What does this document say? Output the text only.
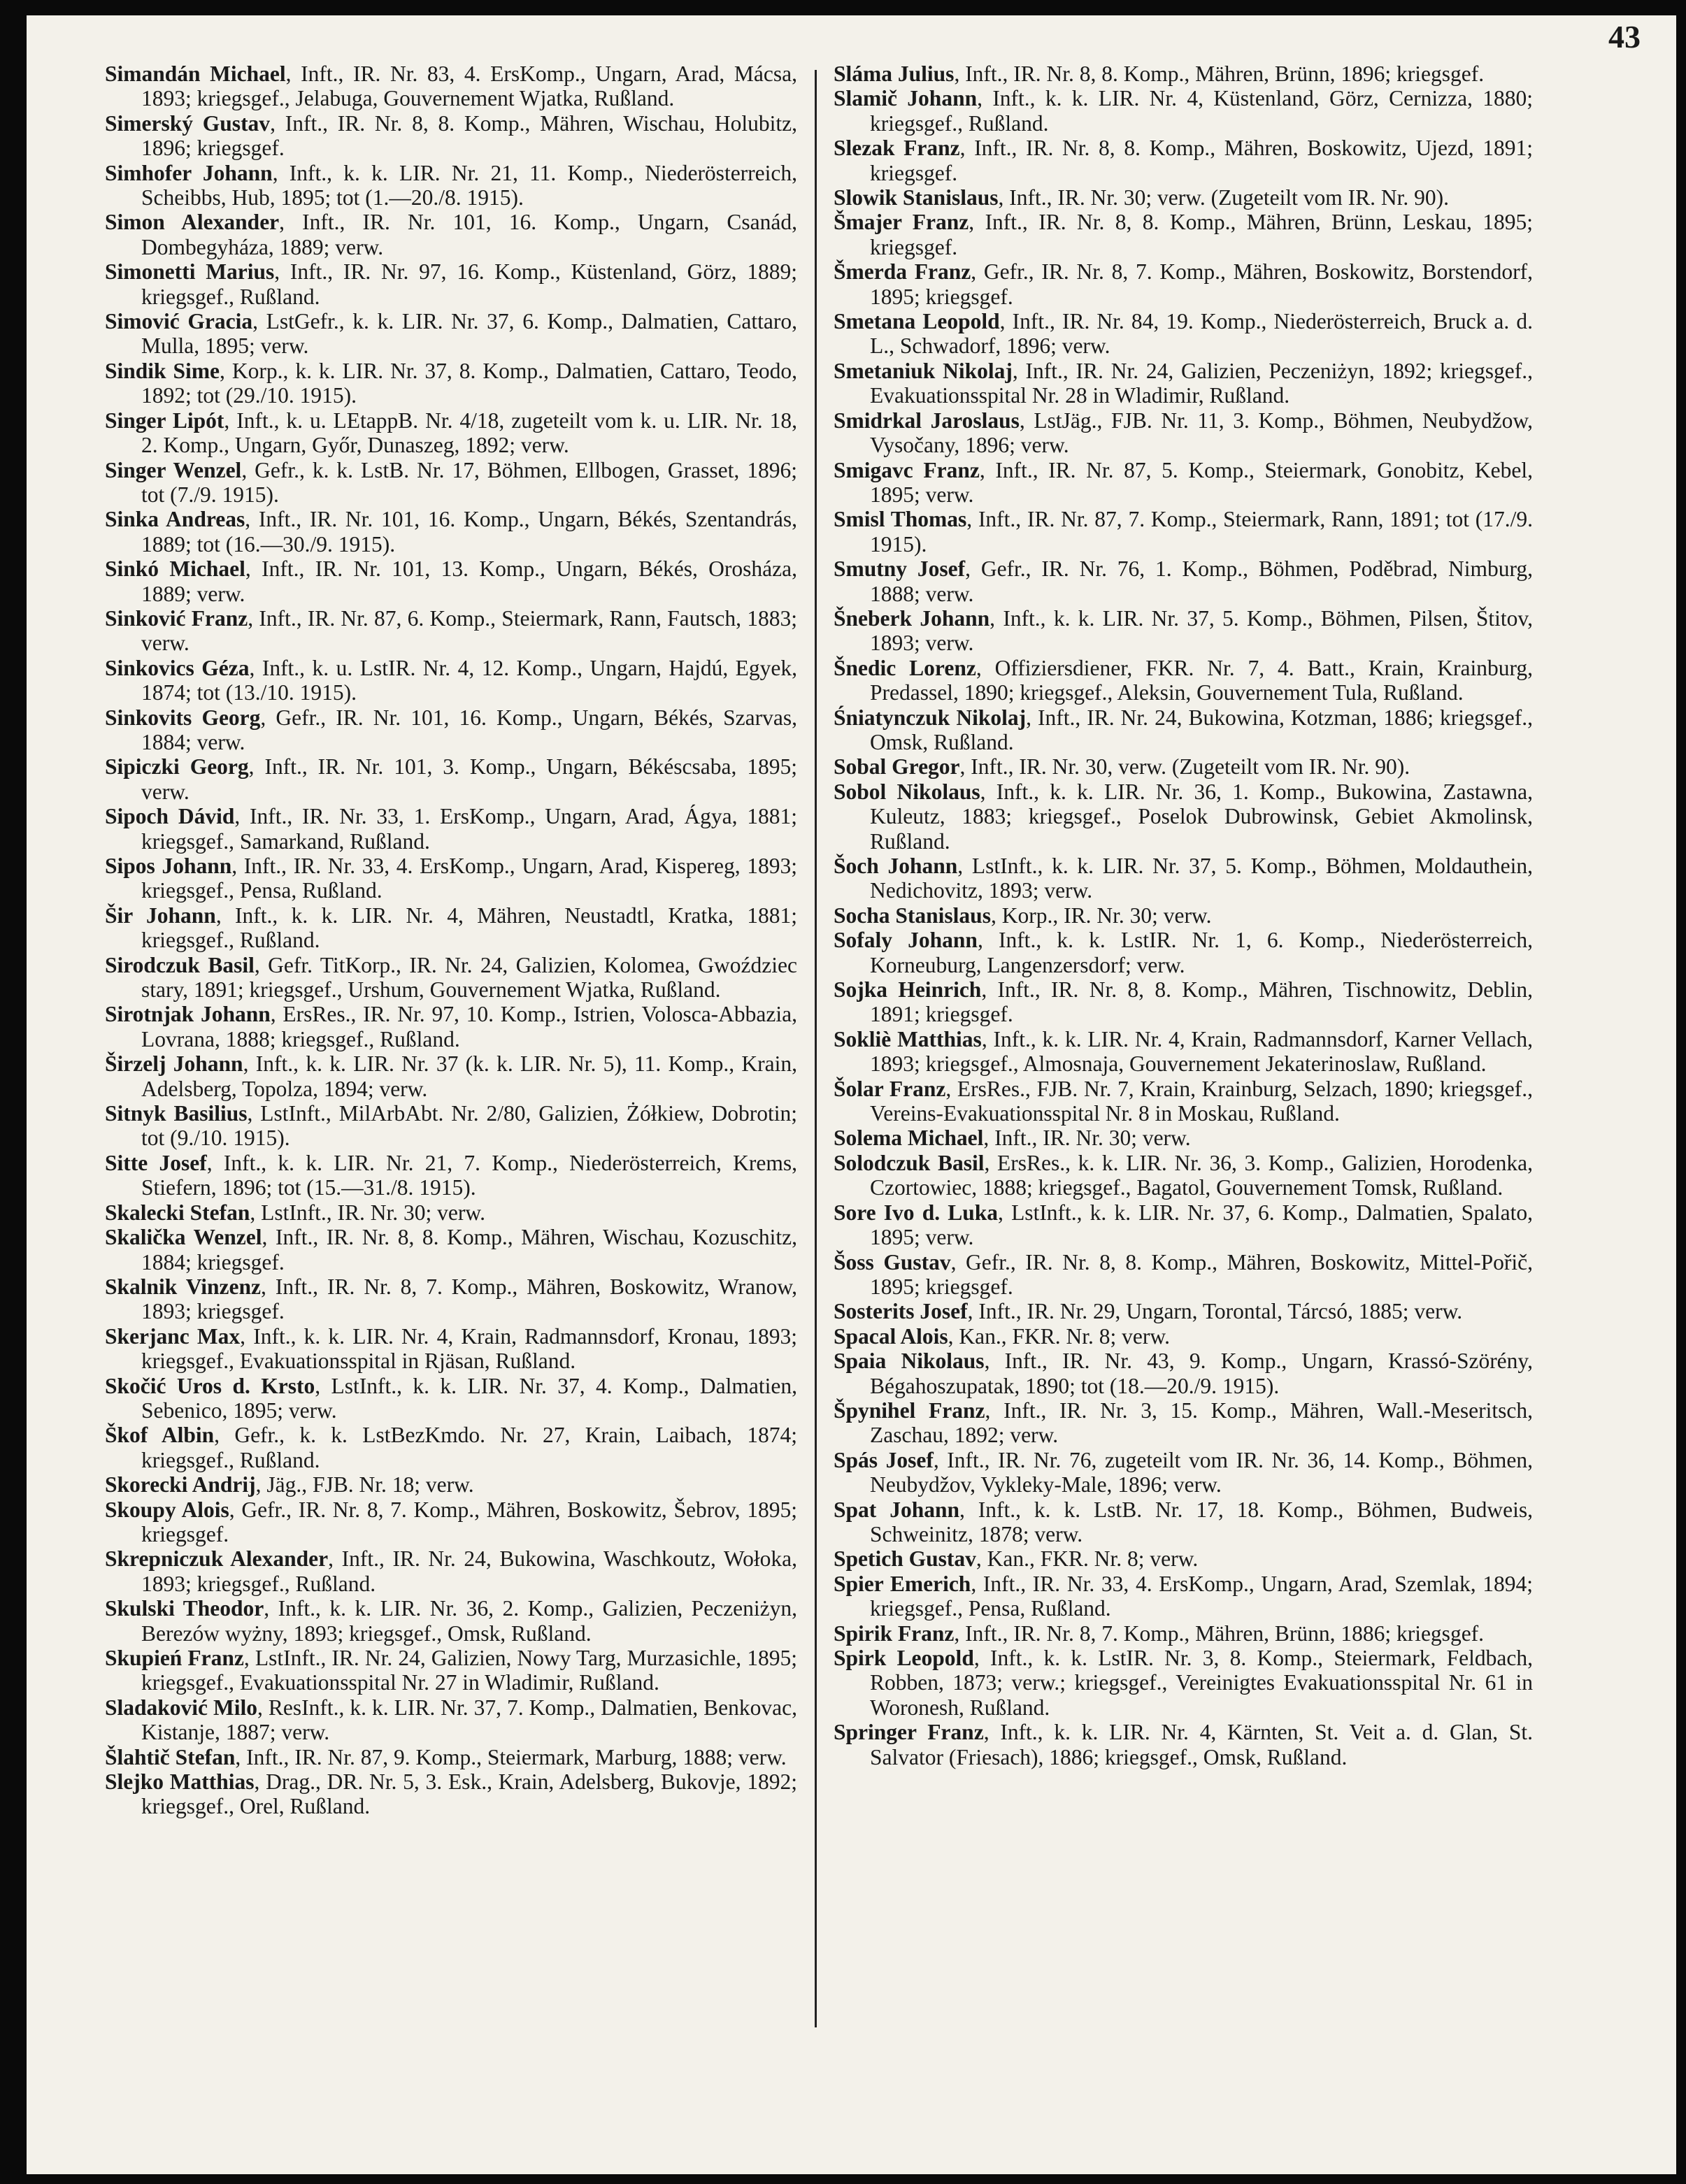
43
Simandán Michael, Inft., IR. Nr. 83, 4. ErsKomp., Ungarn, Arad, Mácsa, 1893; kriegsgef., Jelabuga, Gouvernement Wjatka, Rußland.
Simerský Gustav, Inft., IR. Nr. 8, 8. Komp., Mähren, Wischau, Holubitz, 1896; kriegsgef.
Simhofer Johann, Inft., k. k. LIR. Nr. 21, 11. Komp., Niederösterreich, Scheibbs, Hub, 1895; tot (1.—20./8. 1915).
Simon Alexander, Inft., IR. Nr. 101, 16. Komp., Ungarn, Csanád, Dombegyháza, 1889; verw.
Simonetti Marius, Inft., IR. Nr. 97, 16. Komp., Küstenland, Görz, 1889; kriegsgef., Rußland.
Simović Gracia, LstGefr., k. k. LIR. Nr. 37, 6. Komp., Dalmatien, Cattaro, Mulla, 1895; verw.
Sindik Sime, Korp., k. k. LIR. Nr. 37, 8. Komp., Dalmatien, Cattaro, Teodo, 1892; tot (29./10. 1915).
Singer Lipót, Inft., k. u. LEtappB. Nr. 4/18, zugeteilt vom k. u. LIR. Nr. 18, 2. Komp., Ungarn, Győr, Dunaszeg, 1892; verw.
Singer Wenzel, Gefr., k. k. LstB. Nr. 17, Böhmen, Ellbogen, Grasset, 1896; tot (7./9. 1915).
Sinka Andreas, Inft., IR. Nr. 101, 16. Komp., Ungarn, Békés, Szentandrás, 1889; tot (16.—30./9. 1915).
Sinkó Michael, Inft., IR. Nr. 101, 13. Komp., Ungarn, Békés, Orosháza, 1889; verw.
Sinković Franz, Inft., IR. Nr. 87, 6. Komp., Steiermark, Rann, Fautsch, 1883; verw.
Sinkovics Géza, Inft., k. u. LstIR. Nr. 4, 12. Komp., Ungarn, Hajdú, Egyek, 1874; tot (13./10. 1915).
Sinkovits Georg, Gefr., IR. Nr. 101, 16. Komp., Ungarn, Békés, Szarvas, 1884; verw.
Sipiczki Georg, Inft., IR. Nr. 101, 3. Komp., Ungarn, Békéscsaba, 1895; verw.
Sipoch Dávid, Inft., IR. Nr. 33, 1. ErsKomp., Ungarn, Arad, Ágya, 1881; kriegsgef., Samarkand, Rußland.
Sipos Johann, Inft., IR. Nr. 33, 4. ErsKomp., Ungarn, Arad, Kispereg, 1893; kriegsgef., Pensa, Rußland.
Šir Johann, Inft., k. k. LIR. Nr. 4, Mähren, Neustadtl, Kratka, 1881; kriegsgef., Rußland.
Sirodczuk Basil, Gefr. TitKorp., IR. Nr. 24, Galizien, Kolomea, Gwoździec stary, 1891; kriegsgef., Urshum, Gouvernement Wjatka, Rußland.
Sirotnjak Johann, ErsRes., IR. Nr. 97, 10. Komp., Istrien, Volosca-Abbazia, Lovrana, 1888; kriegsgef., Rußland.
Širzelj Johann, Inft., k. k. LIR. Nr. 37 (k. k. LIR. Nr. 5), 11. Komp., Krain, Adelsberg, Topolza, 1894; verw.
Sitnyk Basilius, LstInft., MilArbAbt. Nr. 2/80, Galizien, Żółkiew, Dobrotin; tot (9./10. 1915).
Sitte Josef, Inft., k. k. LIR. Nr. 21, 7. Komp., Niederösterreich, Krems, Stiefern, 1896; tot (15.—31./8. 1915).
Skalecki Stefan, LstInft., IR. Nr. 30; verw.
Skalička Wenzel, Inft., IR. Nr. 8, 8. Komp., Mähren, Wischau, Kozuschitz, 1884; kriegsgef.
Skalnik Vinzenz, Inft., IR. Nr. 8, 7. Komp., Mähren, Boskowitz, Wranow, 1893; kriegsgef.
Skerjanc Max, Inft., k. k. LIR. Nr. 4, Krain, Radmannsdorf, Kronau, 1893; kriegsgef., Evakuationsspital in Rjäsan, Rußland.
Skočić Uros d. Krsto, LstInft., k. k. LIR. Nr. 37, 4. Komp., Dalmatien, Sebenico, 1895; verw.
Škof Albin, Gefr., k. k. LstBezKmdo. Nr. 27, Krain, Laibach, 1874; kriegsgef., Rußland.
Skorecki Andrij, Jäg., FJB. Nr. 18; verw.
Skoupy Alois, Gefr., IR. Nr. 8, 7. Komp., Mähren, Boskowitz, Šebrov, 1895; kriegsgef.
Skrepniczuk Alexander, Inft., IR. Nr. 24, Bukowina, Waschkoutz, Wołoka, 1893; kriegsgef., Rußland.
Skulski Theodor, Inft., k. k. LIR. Nr. 36, 2. Komp., Galizien, Peczeniżyn, Berezów wyżny, 1893; kriegsgef., Omsk, Rußland.
Skupień Franz, LstInft., IR. Nr. 24, Galizien, Nowy Targ, Murzasichle, 1895; kriegsgef., Evakuationsspital Nr. 27 in Wladimir, Rußland.
Sladaković Milo, ResInft., k. k. LIR. Nr. 37, 7. Komp., Dalmatien, Benkovac, Kistanje, 1887; verw.
Šlahtič Stefan, Inft., IR. Nr. 87, 9. Komp., Steiermark, Marburg, 1888; verw.
Slejko Matthias, Drag., DR. Nr. 5, 3. Esk., Krain, Adelsberg, Bukovje, 1892; kriegsgef., Orel, Rußland.
Sláma Julius, Inft., IR. Nr. 8, 8. Komp., Mähren, Brünn, 1896; kriegsgef.
Slamič Johann, Inft., k. k. LIR. Nr. 4, Küstenland, Görz, Cernizza, 1880; kriegsgef., Rußland.
Slezak Franz, Inft., IR. Nr. 8, 8. Komp., Mähren, Boskowitz, Ujezd, 1891; kriegsgef.
Slowik Stanislaus, Inft., IR. Nr. 30; verw. (Zugeteilt vom IR. Nr. 90).
Šmajer Franz, Inft., IR. Nr. 8, 8. Komp., Mähren, Brünn, Leskau, 1895; kriegsgef.
Šmerda Franz, Gefr., IR. Nr. 8, 7. Komp., Mähren, Boskowitz, Borstendorf, 1895; kriegsgef.
Smetana Leopold, Inft., IR. Nr. 84, 19. Komp., Niederösterreich, Bruck a. d. L., Schwadorf, 1896; verw.
Smetaniuk Nikolaj, Inft., IR. Nr. 24, Galizien, Peczeniżyn, 1892; kriegsgef., Evakuationsspital Nr. 28 in Wladimir, Rußland.
Smidrkal Jaroslaus, LstJäg., FJB. Nr. 11, 3. Komp., Böhmen, Neubydžow, Vysočany, 1896; verw.
Smigavc Franz, Inft., IR. Nr. 87, 5. Komp., Steiermark, Gonobitz, Kebel, 1895; verw.
Smisl Thomas, Inft., IR. Nr. 87, 7. Komp., Steiermark, Rann, 1891; tot (17./9. 1915).
Smutny Josef, Gefr., IR. Nr. 76, 1. Komp., Böhmen, Poděbrad, Nimburg, 1888; verw.
Šneberk Johann, Inft., k. k. LIR. Nr. 37, 5. Komp., Böhmen, Pilsen, Štitov, 1893; verw.
Šnedic Lorenz, Offiziersdiener, FKR. Nr. 7, 4. Batt., Krain, Krainburg, Predassel, 1890; kriegsgef., Aleksin, Gouvernement Tula, Rußland.
Śniatynczuk Nikolaj, Inft., IR. Nr. 24, Bukowina, Kotzman, 1886; kriegsgef., Omsk, Rußland.
Sobal Gregor, Inft., IR. Nr. 30, verw. (Zugeteilt vom IR. Nr. 90).
Sobol Nikolaus, Inft., k. k. LIR. Nr. 36, 1. Komp., Bukowina, Zastawna, Kuleutz, 1883; kriegsgef., Poselok Dubrowinsk, Gebiet Akmolinsk, Rußland.
Šoch Johann, LstInft., k. k. LIR. Nr. 37, 5. Komp., Böhmen, Moldauthein, Nedichovitz, 1893; verw.
Socha Stanislaus, Korp., IR. Nr. 30; verw.
Sofaly Johann, Inft., k. k. LstIR. Nr. 1, 6. Komp., Niederösterreich, Korneuburg, Langenzersdorf; verw.
Sojka Heinrich, Inft., IR. Nr. 8, 8. Komp., Mähren, Tischnowitz, Deblin, 1891; kriegsgef.
Sokliè Matthias, Inft., k. k. LIR. Nr. 4, Krain, Radmannsdorf, Karner Vellach, 1893; kriegsgef., Almosnaja, Gouvernement Jekaterinoslaw, Rußland.
Šolar Franz, ErsRes., FJB. Nr. 7, Krain, Krainburg, Selzach, 1890; kriegsgef., Vereins-Evakuationsspital Nr. 8 in Moskau, Rußland.
Solema Michael, Inft., IR. Nr. 30; verw.
Solodczuk Basil, ErsRes., k. k. LIR. Nr. 36, 3. Komp., Galizien, Horodenka, Czortowiec, 1888; kriegsgef., Bagatol, Gouvernement Tomsk, Rußland.
Sore Ivo d. Luka, LstInft., k. k. LIR. Nr. 37, 6. Komp., Dalmatien, Spalato, 1895; verw.
Šoss Gustav, Gefr., IR. Nr. 8, 8. Komp., Mähren, Boskowitz, Mittel-Pořič, 1895; kriegsgef.
Sosterits Josef, Inft., IR. Nr. 29, Ungarn, Torontal, Tárcsó, 1885; verw.
Spacal Alois, Kan., FKR. Nr. 8; verw.
Spaia Nikolaus, Inft., IR. Nr. 43, 9. Komp., Ungarn, Krassó-Szörény, Bégahoszupatak, 1890; tot (18.—20./9. 1915).
Špynihel Franz, Inft., IR. Nr. 3, 15. Komp., Mähren, Wall.-Meseritsch, Zaschau, 1892; verw.
Spás Josef, Inft., IR. Nr. 76, zugeteilt vom IR. Nr. 36, 14. Komp., Böhmen, Neubydžov, Vykleky-Male, 1896; verw.
Spat Johann, Inft., k. k. LstB. Nr. 17, 18. Komp., Böhmen, Budweis, Schweinitz, 1878; verw.
Spetich Gustav, Kan., FKR. Nr. 8; verw.
Spier Emerich, Inft., IR. Nr. 33, 4. ErsKomp., Ungarn, Arad, Szemlak, 1894; kriegsgef., Pensa, Rußland.
Spirik Franz, Inft., IR. Nr. 8, 7. Komp., Mähren, Brünn, 1886; kriegsgef.
Spirk Leopold, Inft., k. k. LstIR. Nr. 3, 8. Komp., Steiermark, Feldbach, Robben, 1873; verw.; kriegsgef., Vereinigtes Evakuationsspital Nr. 61 in Woronesh, Rußland.
Springer Franz, Inft., k. k. LIR. Nr. 4, Kärnten, St. Veit a. d. Glan, St. Salvator (Friesach), 1886; kriegsgef., Omsk, Rußland.
